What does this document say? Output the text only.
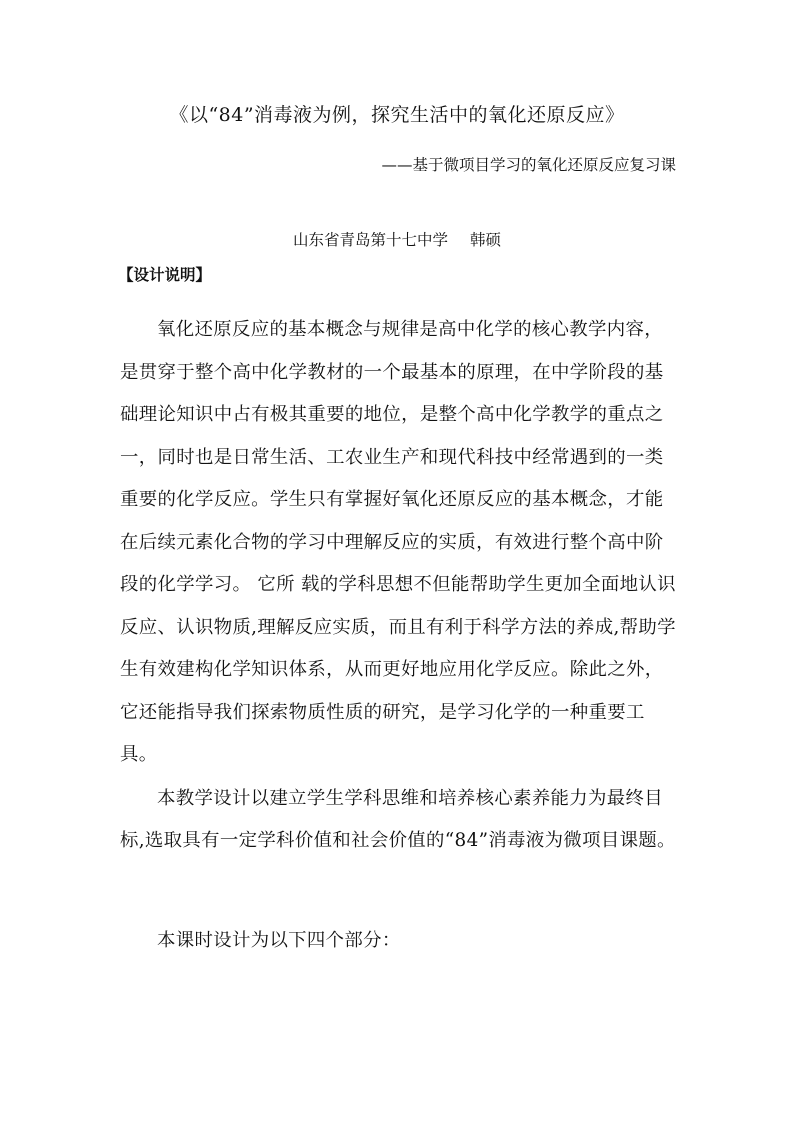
《以“84”消毒液为例，探究生活中的氧化还原反应》
——基于微项目学习的氧化还原反应复习课
山东省青岛第十七中学 韩硕
【设计说明】

氧化还原反应的基本概念与规律是高中化学的核心教学内容，是贯穿于整个高中化学教材的一个最基本的原理，在中学阶段的基础理论知识中占有极其重要的地位，是整个高中化学教学的重点之一，同时也是日常生活、工农业生产和现代科技中经常遇到的一类重要的化学反应。学生只有掌握好氧化还原反应的基本概念，才能在后续元素化合物的学习中理解反应的实质，有效进行整个高中阶段的化学学习。 它所 载的学科思想不但能帮助学生更加全面地认识反应、认识物质,理解反应实质，而且有利于科学方法的养成,帮助学生有效建构化学知识体系，从而更好地应用化学反应。除此之外，它还能指导我们探索物质性质的研究，是学习化学的一种重要工具。

本教学设计以建立学生学科思维和培养核心素养能力为最终目标,选取具有一定学科价值和社会价值的“84”消毒液为微项目课题。

本课时设计为以下四个部分：
